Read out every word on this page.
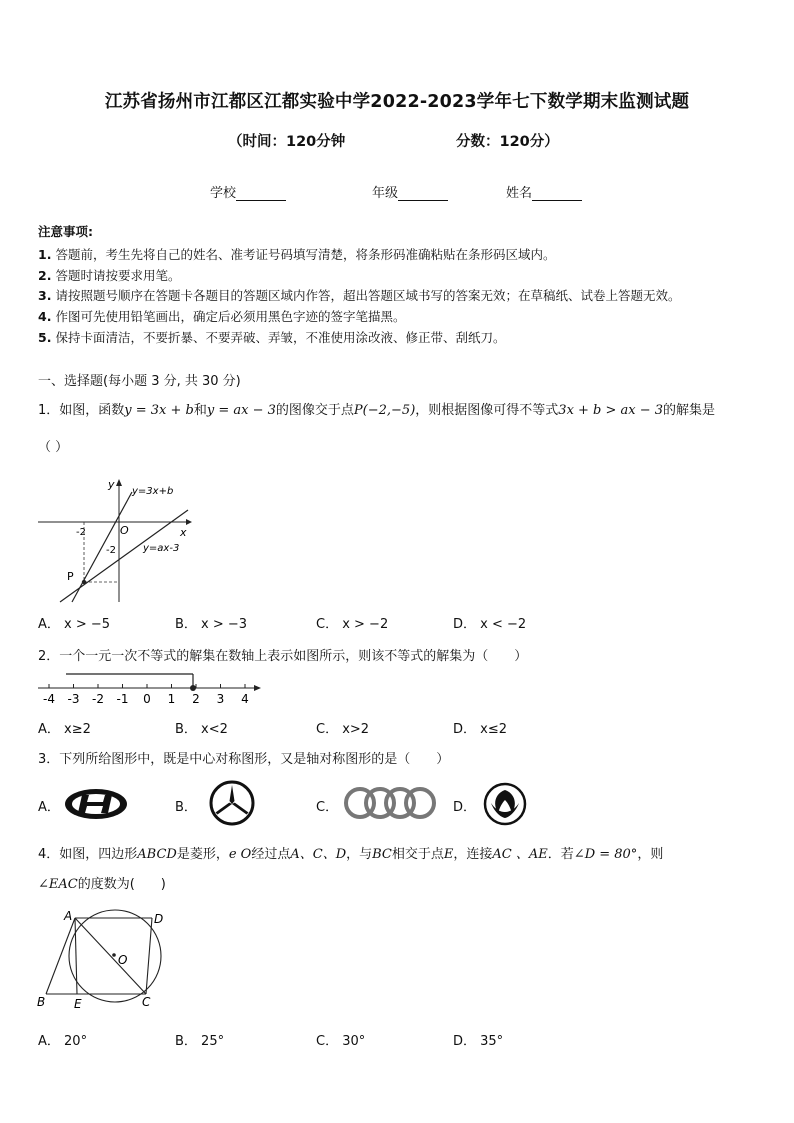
江苏省扬州市江都区江都实验中学2022-2023学年七下数学期末监测试题
（时间：120分钟	分数：120分）
学校	年级	姓名
注意事项:
1. 答题前，考生先将自己的姓名、准考证号码填写清楚，将条形码准确粘贴在条形码区域内。
2. 答题时请按要求用笔。
3. 请按照题号顺序在答题卡各题目的答题区域内作答，超出答题区域书写的答案无效；在草稿纸、试卷上答题无效。
4. 作图可先使用铅笔画出，确定后必须用黑色字迹的签字笔描黑。
5. 保持卡面清洁，不要折暴、不要弄破、弄皱，不准使用涂改液、修正带、刮纸刀。
一、选择题(每小题 3 分, 共 30 分)
1．如图，函数y = 3x + b和y = ax − 3的图像交于点P(−2,−5)，则根据图像可得不等式3x + b > ax − 3的解集是
（ ）
y
x
O
-2
-2
P
y=3x+b
y=ax-3
A． x > −5	B． x > −3	C． x > −2	D． x < −2
2．一个一元一次不等式的解集在数轴上表示如图所示，则该不等式的解集为（　　）
-4 -3 -2 -1 0 1 2 3 4
A． x≥2	B． x<2	C． x>2	D． x≤2
3．下列所给图形中，既是中心对称图形，又是轴对称图形的是（　　）
A．	B．	C．	D．
4．如图，四边形ABCD是菱形，e O经过点A、C、D，与BC相交于点E，连接AC 、AE．若∠D = 80°，则
∠EAC的度数为(　　)
A	D
B E	C
O
A． 20°	B． 25°	C． 30°	D． 35°
